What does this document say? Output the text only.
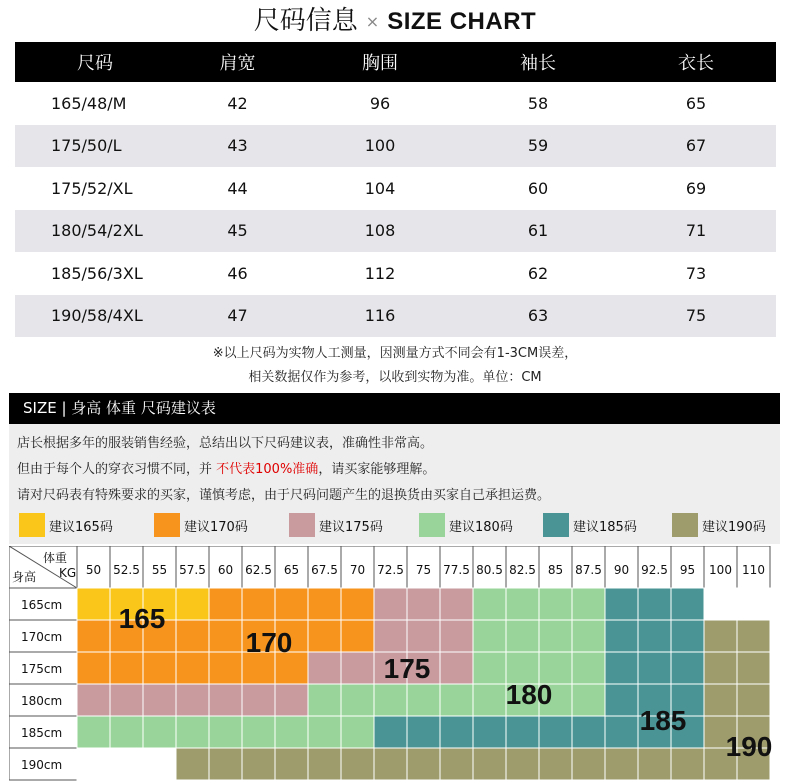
尺码信息 × SIZE CHART
尺码	肩宽	胸围	袖长	衣长
165/48/M	42	96	58	65
175/50/L	43	100	59	67
175/52/XL	44	104	60	69
180/54/2XL	45	108	61	71
185/56/3XL	46	112	62	73
190/58/4XL	47	116	63	75
※以上尺码为实物人工测量，因测量方式不同会有1-3CM误差，
相关数据仅作为参考，以收到实物为准。单位：CM
SIZE | 身高 体重 尺码建议表
店长根据多年的服装销售经验，总结出以下尺码建议表，准确性非常高。
但由于每个人的穿衣习惯不同，并 不代表100%准确，请买家能够理解。
请对尺码表有特殊要求的买家，谨慎考虑，由于尺码问题产生的退换货由买家自己承担运费。
建议165码	建议170码	建议175码	建议180码	建议185码	建议190码
体重
KG
身高	50 52.5 55 57.5 60 62.5 65 67.5 70 72.5 75 77.5 80.5 82.5 85 87.5 90 92.5 95 100 110
165cm
170cm
175cm
180cm
185cm
190cm
165
170
175
180
185
190
